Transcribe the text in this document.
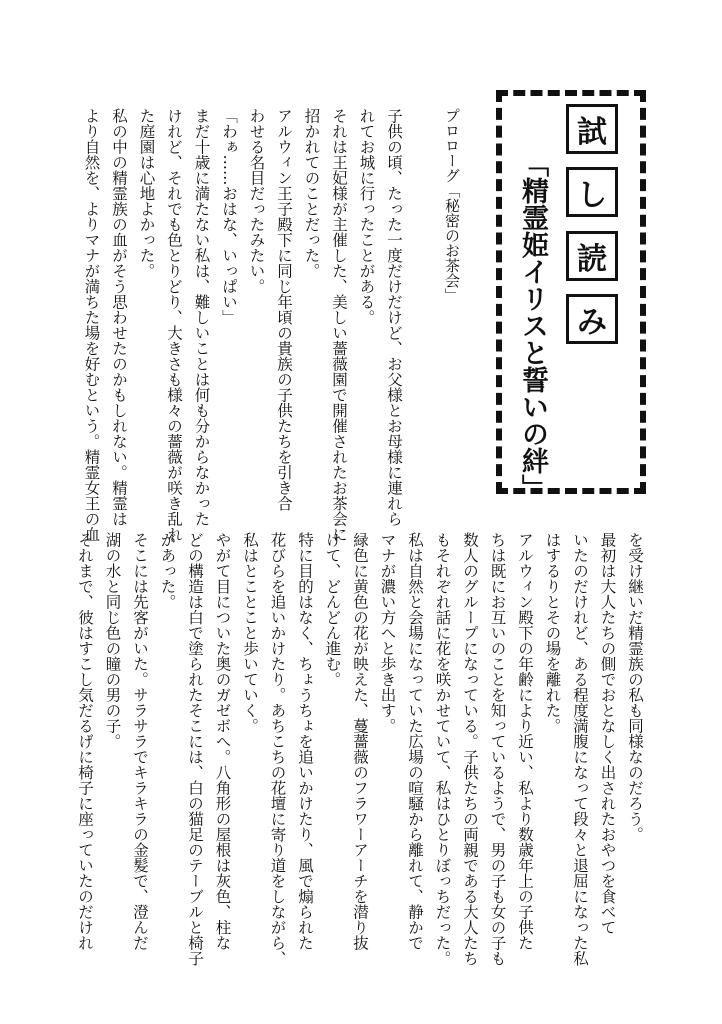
試
し
読
み
「精霊姫イリスと誓いの絆」
プロローグ「秘密のお茶会」

子供の頃、たった一度だけだけど、お父様とお母様に連れら

れてお城に行ったことがある。

それは王妃様が主催した、美しい薔薇園で開催されたお茶会に

招かれてのことだった。

アルウィン王子殿下に同じ年頃の貴族の子供たちを引き合

わせる名目だったみたい。

「わぁ……おはな、いっぱい」

まだ十歳に満たない私は、難しいことは何も分からなかった

けれど、それでも色とりどり、大きさも様々の薔薇が咲き乱れ

た庭園は心地よかった。

私の中の精霊族の血がそう思わせたのかもしれない。精霊は

より自然を、よりマナが満ちた場を好むという。精霊女王の血

を受け継いだ精霊族の私も同様なのだろう。

最初は大人たちの側でおとなしく出されたおやつを食べて

いたのだけれど、ある程度満腹になって段々と退屈になった私

はするりとその場を離れた。

アルウィン殿下の年齢により近い、私より数歳年上の子供た

ちは既にお互いのことを知っているようで、男の子も女の子も

数人のグループになっている。子供たちの両親である大人たち

もそれぞれ話に花を咲かせていて、私はひとりぼっちだった。

私は自然と会場になっていた広場の喧騒から離れて、静かで

マナが濃い方へと歩き出す。

緑色に黄色の花が映えた、蔓薔薇のフラワーアーチを潜り抜

けて、どんどん進む。

特に目的はなく、ちょうちょを追いかけたり、風で煽られた

花びらを追いかけたり。あちこちの花壇に寄り道をしながら、

私はとことこと歩いていく。

やがて目についた奥のガゼボへ。八角形の屋根は灰色、柱な

どの構造は白で塗られたそこには、白の猫足のテーブルと椅子

があった。

そこには先客がいた。サラサラでキラキラの金髪で、澄んだ

湖の水と同じ色の瞳の男の子。

それまで、彼はすこし気だるげに椅子に座っていたのだけれ
